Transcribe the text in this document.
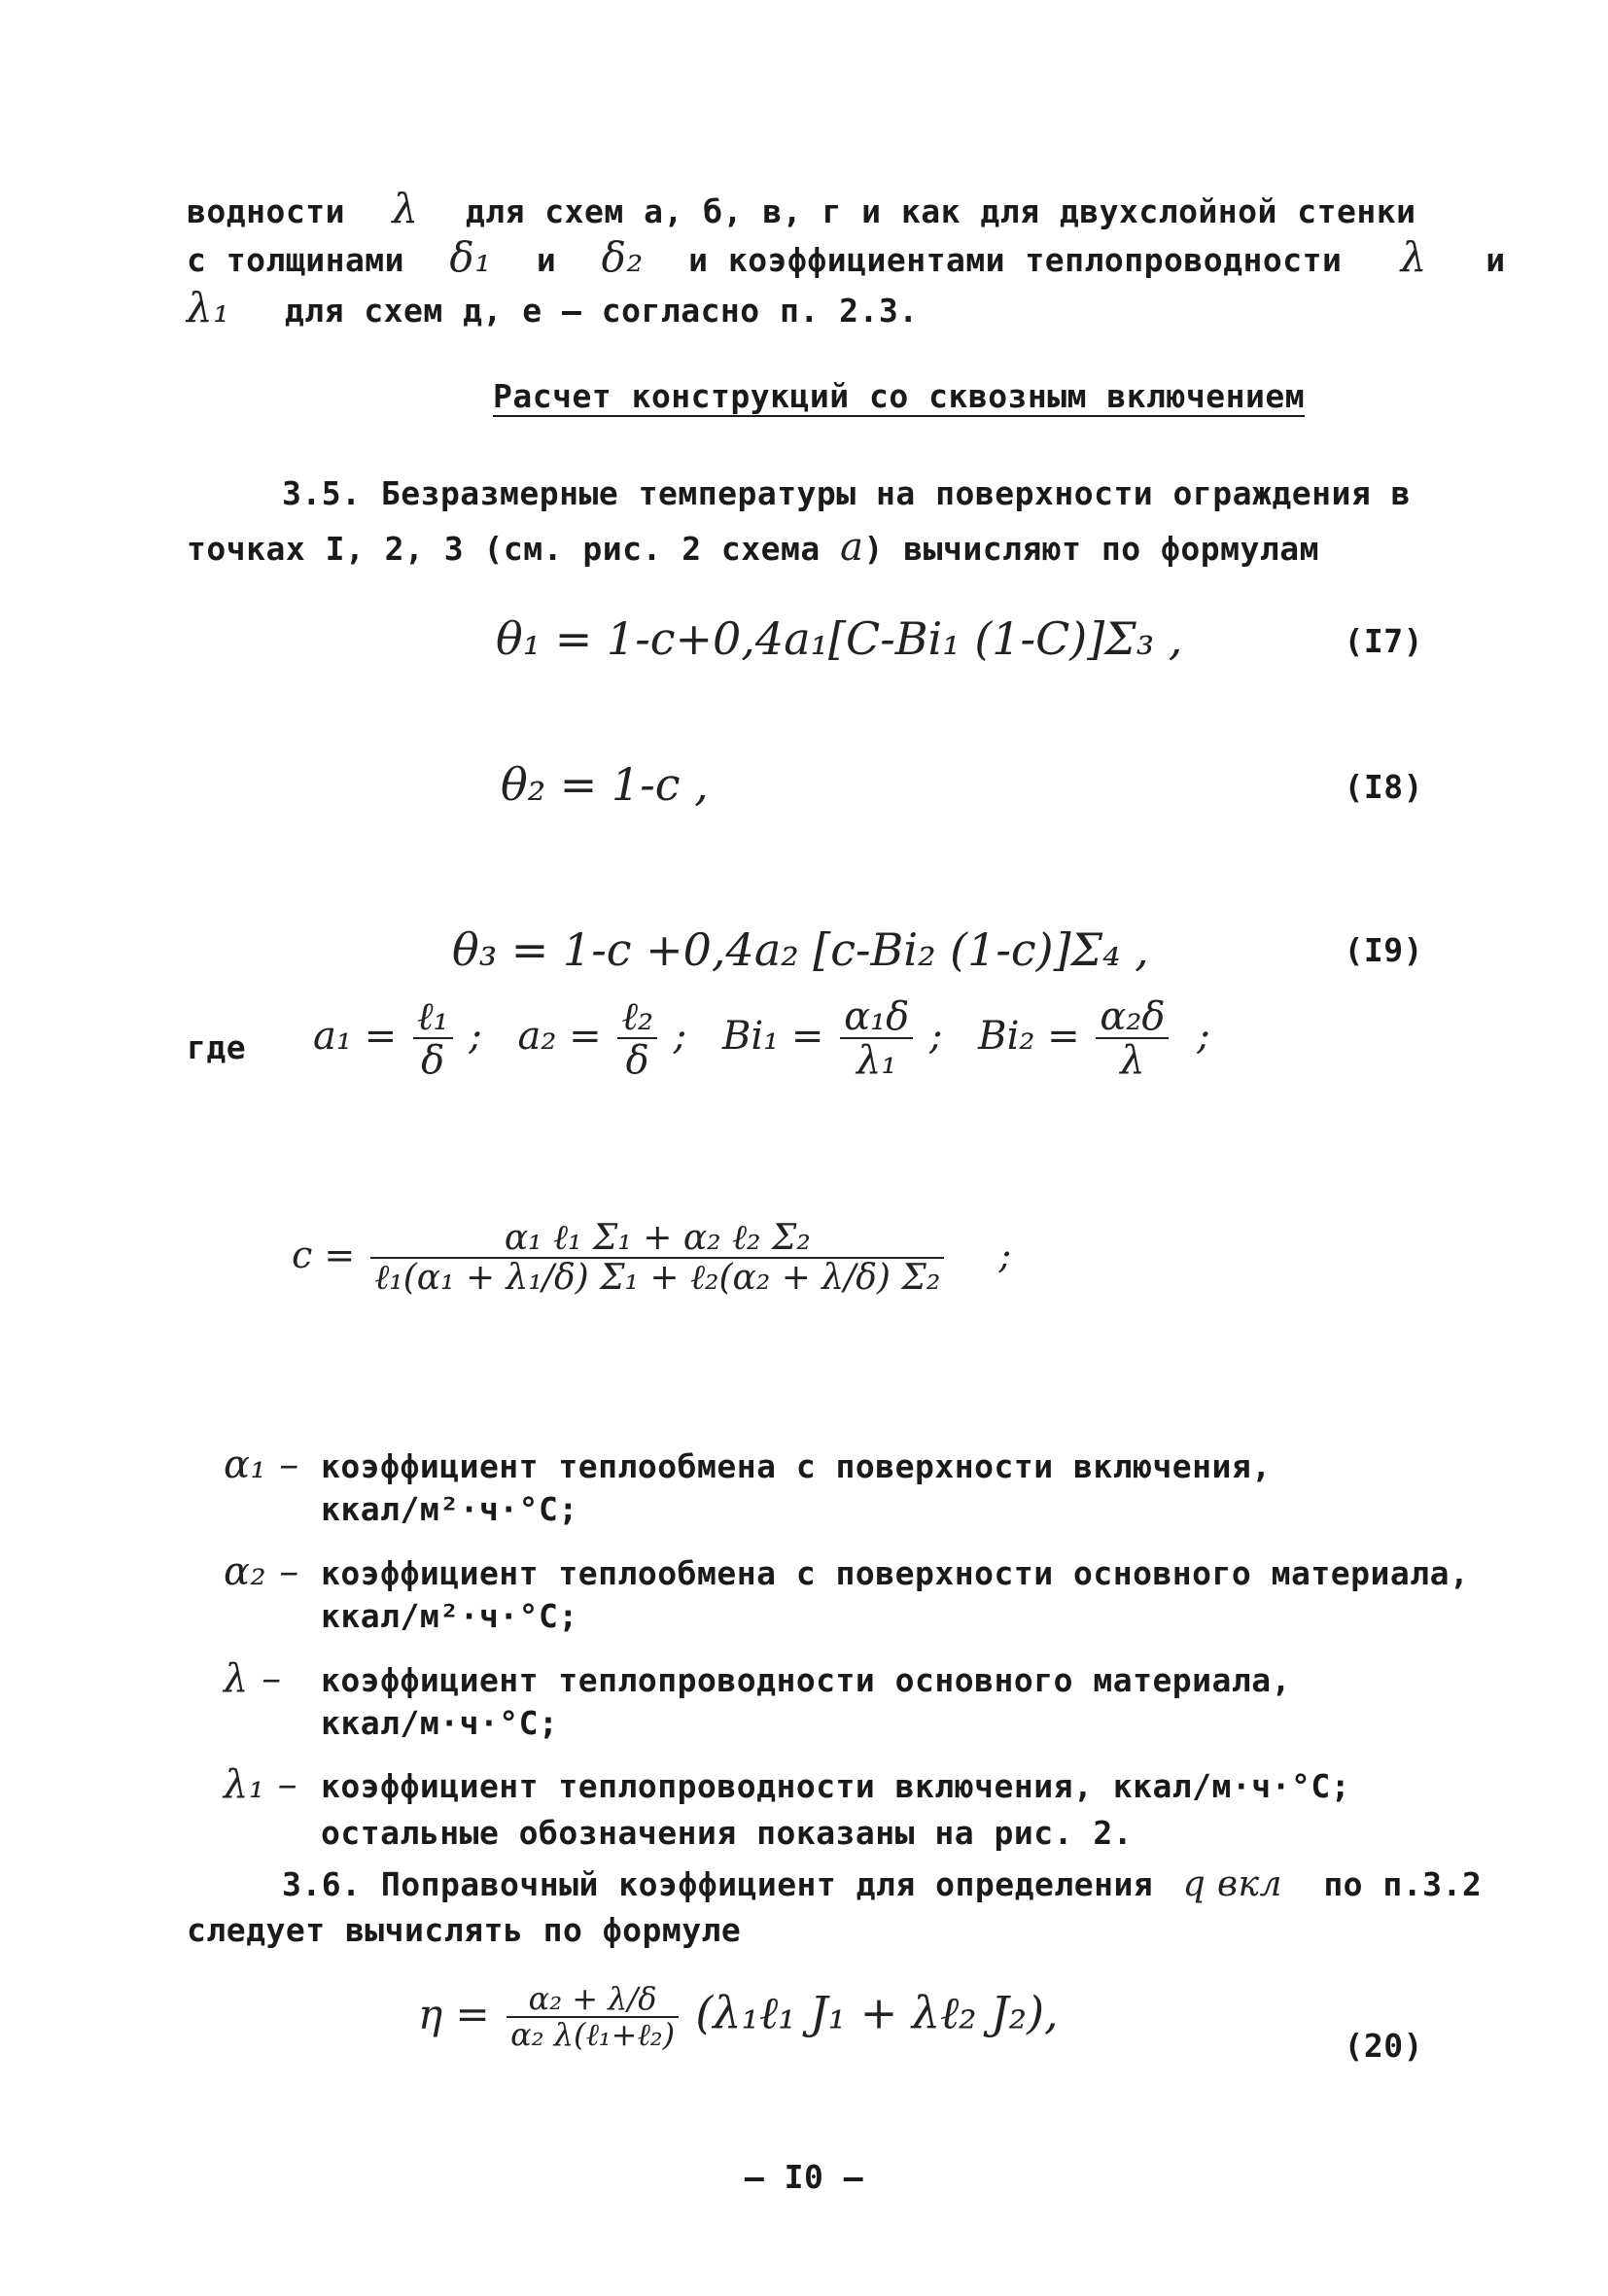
водности λ для схем а, б, в, г и как для двухслойной стенки
с толщинами δ₁ и δ₂ и коэффициентами теплопроводности λ и
λ₁ для схем д, е – согласно п. 2.3.
Расчет конструкций со сквозным включением
3.5. Безразмерные температуры на поверхности ограждения в
точках I, 2, 3 (см. рис. 2 схема a) вычисляют по формулам
θ₁ = 1-c+0,4a₁[C-Bi₁ (1-C)]Σ₃ ,	(I7)
θ₂ = 1-c ,	(I8)
θ₃ = 1-c +0,4a₂ [c-Bi₂ (1-c)]Σ₄ ,	(I9)
где $a_1 = \frac{\text{ℓ₁}}{\delta}$ ; $a_2 = \frac{\text{ℓ₂}}{\delta}$ ; $Bi_1 = \frac{\text{α₁δ}}{\text{λ₁}}$ ; $Bi_2 = \frac{\text{α₂δ}}{\lambda}$ ;
$c = \frac{\text{α₁ ℓ₁ Σ₁ + α₂ ℓ₂ Σ₂}}{\text{ℓ₁(α₁ + λ₁/δ) Σ₁ + ℓ₂(α₂ + λ/δ) Σ₂}}$ ;
α₁ – коэффициент теплообмена с поверхности включения,
ккал/м²·ч·°С;
α₂ – коэффициент теплообмена с поверхности основного материала,
ккал/м²·ч·°С;
λ – коэффициент теплопроводности основного материала,
ккал/м·ч·°С;
λ₁ – коэффициент теплопроводности включения, ккал/м·ч·°С;
остальные обозначения показаны на рис. 2.
3.6. Поправочный коэффициент для определения q вкл по п.3.2
следует вычислять по формуле
$\eta = \frac{\text{α₂ + λ/δ}}{\text{α₂ λ(ℓ₁+ℓ₂)}}$ (λ₁ℓ₁ J₁ + λℓ₂ J₂),
(20)
– I0 –
